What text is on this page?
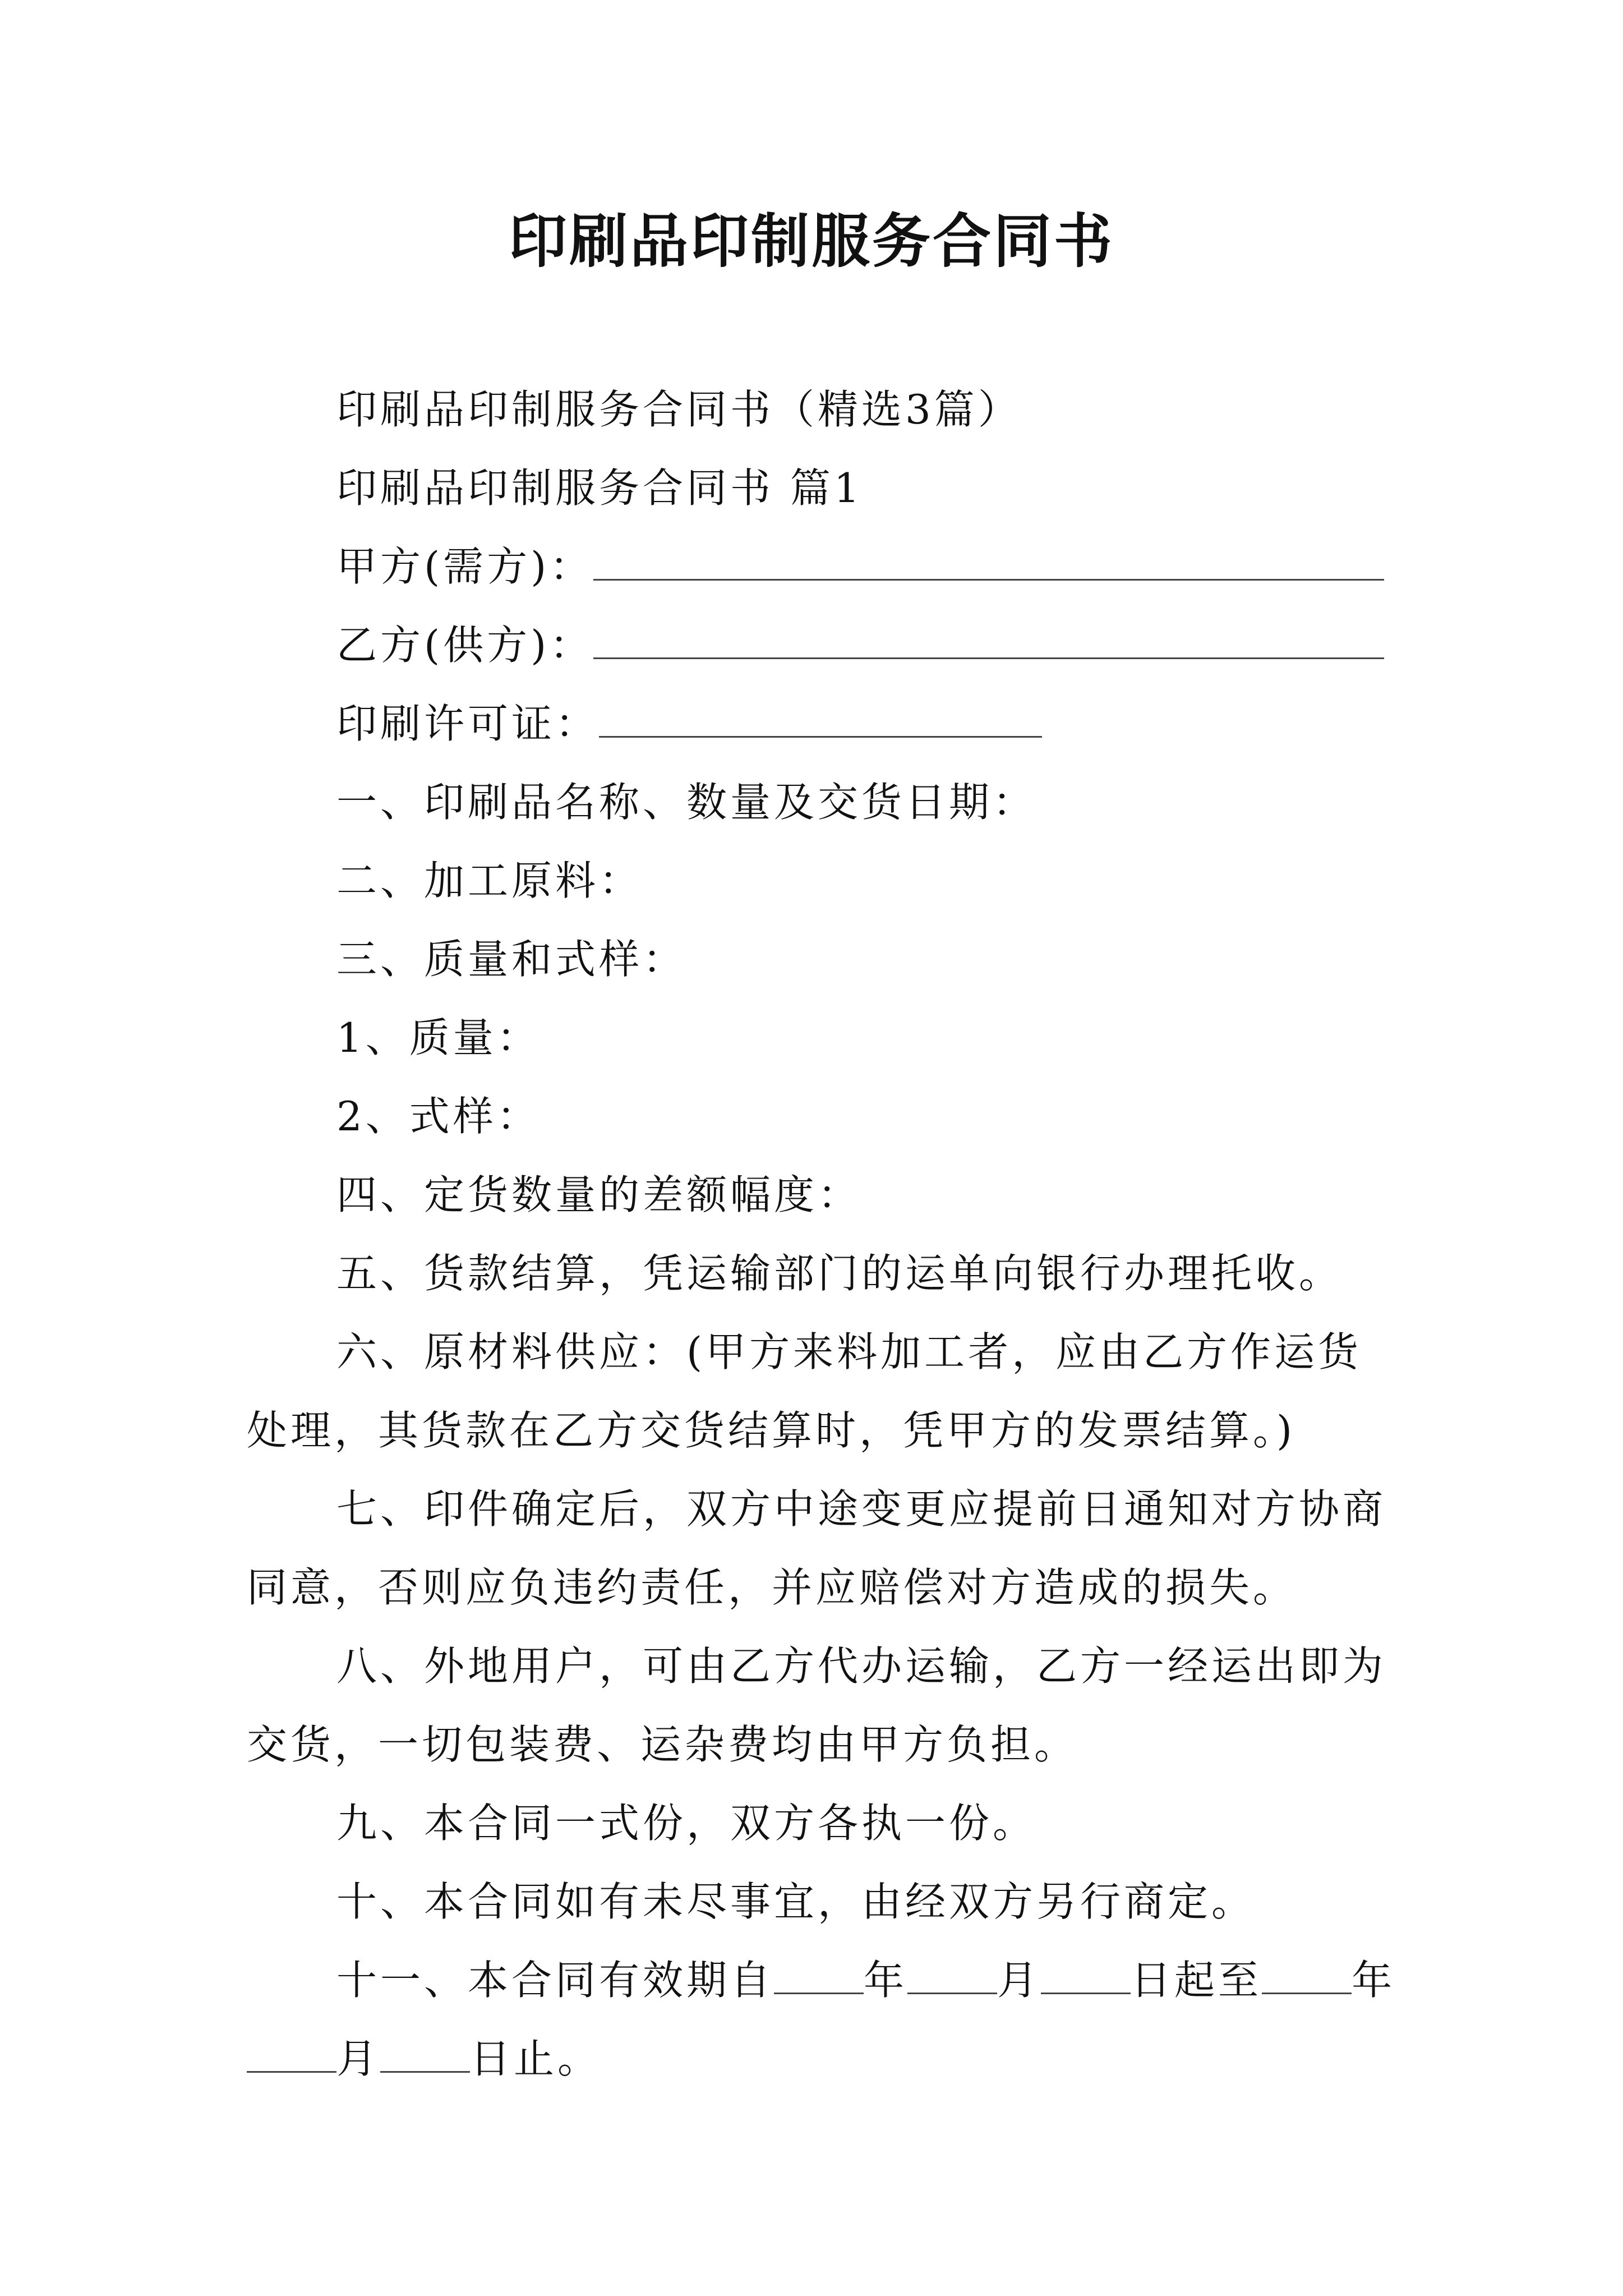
印刷品印制服务合同书
印刷品印制服务合同书（精选3篇）
印刷品印制服务合同书 篇1
甲方(需方)：
乙方(供方)：
印刷许可证：
一、印刷品名称、数量及交货日期：
二、加工原料：
三、质量和式样：
1、质量：
2、式样：
四、定货数量的差额幅度：
五、货款结算，凭运输部门的运单向银行办理托收。
六、原材料供应：(甲方来料加工者，应由乙方作运货
处理，其货款在乙方交货结算时，凭甲方的发票结算。)
七、印件确定后，双方中途变更应提前日通知对方协商
同意，否则应负违约责任，并应赔偿对方造成的损失。
八、外地用户，可由乙方代办运输，乙方一经运出即为
交货，一切包装费、运杂费均由甲方负担。
九、本合同一式份，双方各执一份。
十、本合同如有未尽事宜，由经双方另行商定。
十一、本合同有效期自 年 月 日起至 年
月 日止。
